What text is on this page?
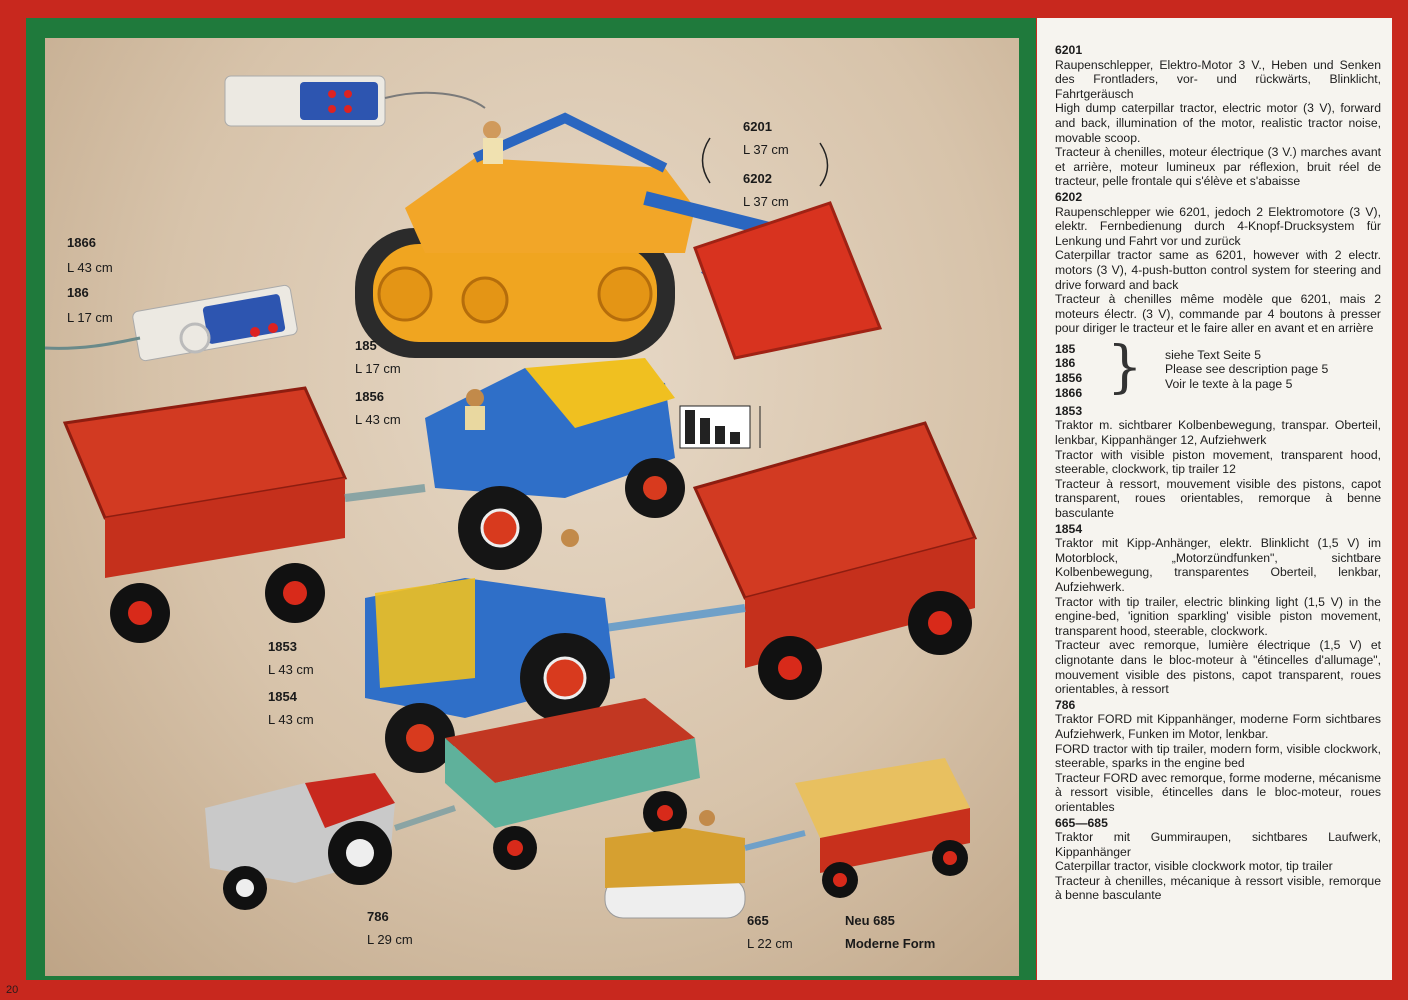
6201
L 37 cm
6202
L 37 cm
1866
L 43 cm
186
L 17 cm
185
L 17 cm
1856
L 43 cm
1853
L 43 cm
1854
L 43 cm
786
L 29 cm
665
L 22 cm
Neu 685
Moderne Form
6201

Raupenschlepper, Elektro-Motor 3 V., Heben und Senken des Frontladers, vor- und rückwärts, Blinklicht, Fahrtgeräusch

High dump caterpillar tractor, electric motor (3 V), forward and back, illumination of the motor, realistic tractor noise, movable scoop.

Tracteur à chenilles, moteur électrique (3 V.) marches avant et arrière, moteur lumineux par réflexion, bruit réel de tracteur, pelle frontale qui s'élève et s'abaisse

6202

Raupenschlepper wie 6201, jedoch 2 Elektromotore (3 V), elektr. Fernbedienung durch 4-Knopf-Drucksystem für Lenkung und Fahrt vor und zurück

Caterpillar tractor same as 6201, however with 2 electr. motors (3 V), 4-push-button control system for steering and drive forward and back

Tracteur à chenilles même modèle que 6201, mais 2 moteurs électr. (3 V), commande par 4 boutons à presser pour diriger le tracteur et le faire aller en avant et en arrière

185
186
1856
1866 } siehe Text Seite 5
Please see description page 5
Voir le texte à la page 5
1853

Traktor m. sichtbarer Kolbenbewegung, transpar. Oberteil, lenkbar, Kippanhänger 12, Aufziehwerk

Tractor with visible piston movement, transparent hood, steerable, clockwork, tip trailer 12

Tracteur à ressort, mouvement visible des pistons, capot transparent, roues orientables, remorque à benne basculante

1854

Traktor mit Kipp-Anhänger, elektr. Blinklicht (1,5 V) im Motorblock, „Motorzündfunken", sichtbare Kolbenbewegung, transparentes Oberteil, lenkbar, Aufziehwerk.

Tractor with tip trailer, electric blinking light (1,5 V) in the engine-bed, 'ignition sparkling' visible piston movement, transparent hood, steerable, clockwork.

Tracteur avec remorque, lumière électrique (1,5 V) et clignotante dans le bloc-moteur à "étincelles d'allumage", mouvement visible des pistons, capot transparent, roues orientables, à ressort

786

Traktor FORD mit Kippanhänger, moderne Form sichtbares Aufziehwerk, Funken im Motor, lenkbar.

FORD tractor with tip trailer, modern form, visible clockwork, steerable, sparks in the engine bed

Tracteur FORD avec remorque, forme moderne, mécanisme à ressort visible, étincelles dans le bloc-moteur, roues orientables

665—685

Traktor mit Gummiraupen, sichtbares Laufwerk, Kippanhänger

Caterpillar tractor, visible clockwork motor, tip trailer

Tracteur à chenilles, mécanique à ressort visible, remorque à benne basculante

20
